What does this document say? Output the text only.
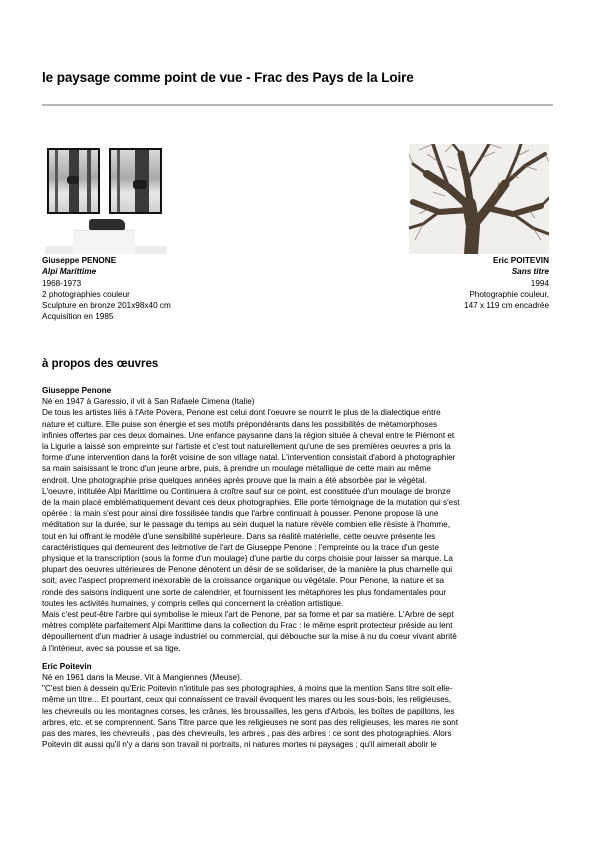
le paysage comme point de vue - Frac des Pays de la Loire
Giuseppe PENONE
Alpi Marittime
1968-1973
2 photographies couleur
Sculpture en bronze 201x98x40 cm
Acquisition en 1985
Eric POITEVIN
Sans titre
1994
Photographie couleur,
147 x 119 cm encadrée
à propos des œuvres

Giuseppe Penone

Né en 1947 à Garessio, il vit à San Rafaele Cimena (Italie)

De tous les artistes liés à l'Arte Povera, Penone est celui dont l'oeuvre se nourrit le plus de la dialectique entre

nature et culture. Elle puise son énergie et ses motifs prépondérants dans les possibilités de métamorphoses

infinies offertes par ces deux domaines. Une enfance paysanne dans la région située à cheval entre le Piémont et

la Ligurie a laissé son empreinte sur l'artiste et c'est tout naturellement qu'une de ses premières oeuvres a pris la

forme d'une intervention dans la forêt voisine de son village natal. L'intervention consistait d'abord à photographier

sa main saisissant le tronc d'un jeune arbre, puis, à prendre un moulage métallique de cette main au même

endroit. Une photographie prise quelques années après prouve que la main a été absorbée par le végétal.

L'oeuvre, intitulée Alpi Marittime ou Continuera à croître sauf sur ce point, est constituée d'un moulage de bronze

de la main placé emblématiquement devant ces deux photographies. Elle porte témoignage de la mutation qui s'est

opérée : la main s'est pour ainsi dire fossilisée tandis que l'arbre continuait à pousser. Penone propose là une

méditation sur la durée, sur le passage du temps au sein duquel la nature révèle combien elle résiste à l'homme,

tout en lui offrant le modèle d'une sensibilité supérieure. Dans sa réalité matérielle, cette oeuvre présente les

caractéristiques qui demeurent des leitmotive de l'art de Giuseppe Penone : l'empreinte ou la trace d'un geste

physique et la transcription (sous la forme d'un moulage) d'une partie du corps choisie pour laisser sa marque. La

plupart des oeuvres ultérieures de Penone dénotent un désir de se solidariser, de la manière la plus charnelle qui

soit, avec l'aspect proprement inexorable de la croissance organique ou végétale. Pour Penone, la nature et sa

ronde des saisons indiquent une sorte de calendrier, et fournissent les métaphores les plus fondamentales pour

toutes les activités humaines, y compris celles qui concernent la création artistique.

Mais c'est peut-être l'arbre qui symbolise le mieux l'art de Penone, par sa forme et par sa matière. L'Arbre de sept

mètres complète parfaitement Alpi Marittime dans la collection du Frac : le même esprit protecteur préside au lent

dépouillement d'un madrier à usage industriel ou commercial, qui débouche sur la mise à nu du coeur vivant abrité

à l'intérieur, avec sa pousse et sa tige.

Eric Poitevin

Né en 1961 dans la Meuse. Vit à Mangiennes (Meuse).

"C'est bien à dessein qu'Eric Poitevin n'intitule pas ses photographies, à moins que la mention Sans titre soit elle-

même un titre... Et pourtant, ceux qui connaissent ce travail évoquent les mares ou les sous-bois, les religieuses,

les chevreuils ou les montagnes corses, les crânes, les broussailles, les gens d'Arbois, les boîtes de papillons, les

arbres, etc. et se comprennent. Sans Titre parce que les religieuses ne sont pas des religieuses, les mares ne sont

pas des mares, les chevreuils , pas des chevreuils, les arbres , pas des arbres : ce sont des photographies. Alors

Poitevin dit aussi qu'il n'y a dans son travail ni portraits, ni natures mortes ni paysages ; qu'il aimerait abolir le
